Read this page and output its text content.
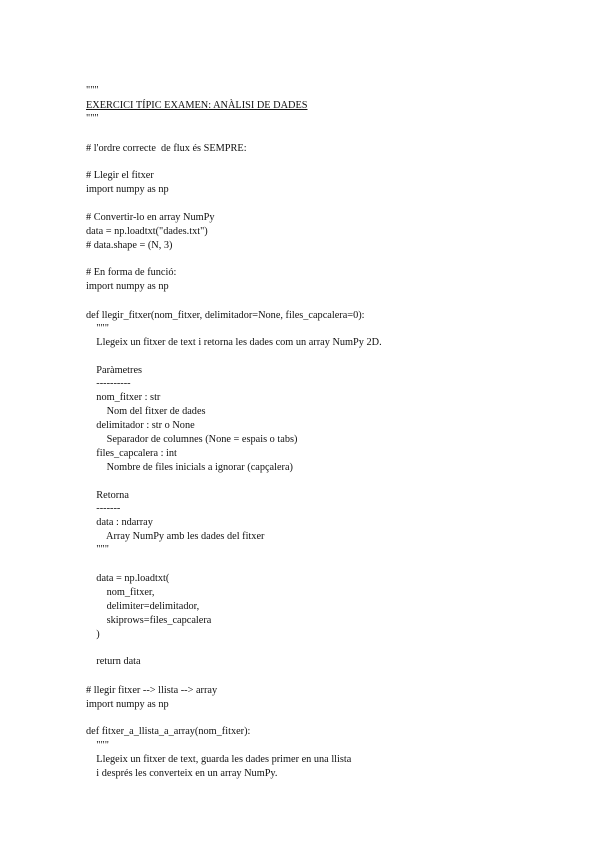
"""
EXERCICI TÍPIC EXAMEN: ANÀLISI DE DADES
"""
# l'ordre correcte  de flux és SEMPRE:
# Llegir el fitxer
import numpy as np
# Convertir-lo en array NumPy
data = np.loadtxt("dades.txt")
# data.shape = (N, 3)
# En forma de funció:
import numpy as np
def llegir_fitxer(nom_fitxer, delimitador=None, files_capcalera=0):
"""
Llegeix un fitxer de text i retorna les dades com un array NumPy 2D.
Paràmetres
----------
nom_fitxer : str
Nom del fitxer de dades
delimitador : str o None
Separador de columnes (None = espais o tabs)
files_capcalera : int
Nombre de files inicials a ignorar (capçalera)
Retorna
-------
data : ndarray
Array NumPy amb les dades del fitxer
"""
data = np.loadtxt(
nom_fitxer,
delimiter=delimitador,
skiprows=files_capcalera
)
return data
# llegir fitxer --> llista --> array
import numpy as np
def fitxer_a_llista_a_array(nom_fitxer):
"""
Llegeix un fitxer de text, guarda les dades primer en una llista
i després les converteix en un array NumPy.
